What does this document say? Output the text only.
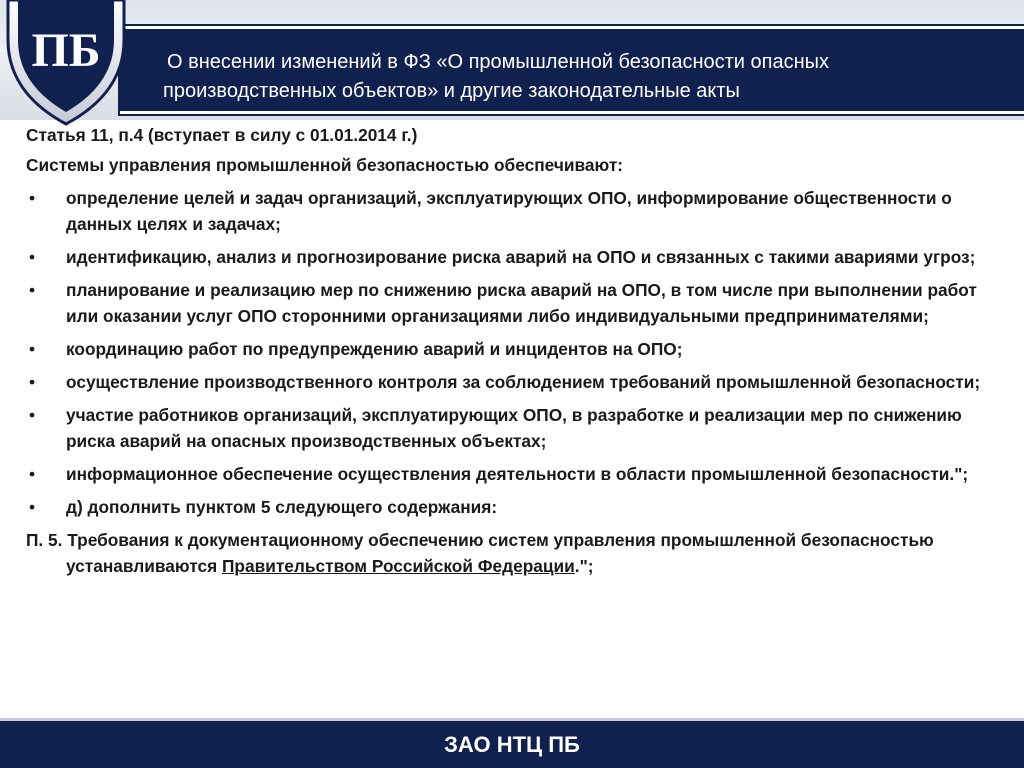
ПБ	О внесении изменений в ФЗ «О промышленной безопасности опасных
производственных объектов» и другие законодательные акты
Статья 11, п.4 (вступает в силу с 01.01.2014 г.)
Системы управления промышленной безопасностью обеспечивают:
•	определение целей и задач организаций, эксплуатирующих ОПО, информирование общественности о данных целях и задачах;
•	идентификацию, анализ и прогнозирование риска аварий на ОПО и связанных с такими авариями угроз;
•	планирование и реализацию мер по снижению риска аварий на ОПО, в том числе при выполнении работ или оказании услуг ОПО сторонними организациями либо индивидуальными предпринимателями;
•	координацию работ по предупреждению аварий и инцидентов на ОПО;
•	осуществление производственного контроля за соблюдением требований промышленной безопасности;
•	участие работников организаций, эксплуатирующих ОПО, в разработке и реализации мер по снижению риска аварий на опасных производственных объектах;
•	информационное обеспечение осуществления деятельности в области промышленной безопасности.";
•	д) дополнить пунктом 5 следующего содержания:
П. 5. Требования к документационному обеспечению систем управления промышленной безопасностью устанавливаются Правительством Российской Федерации.";
ЗАО НТЦ ПБ
